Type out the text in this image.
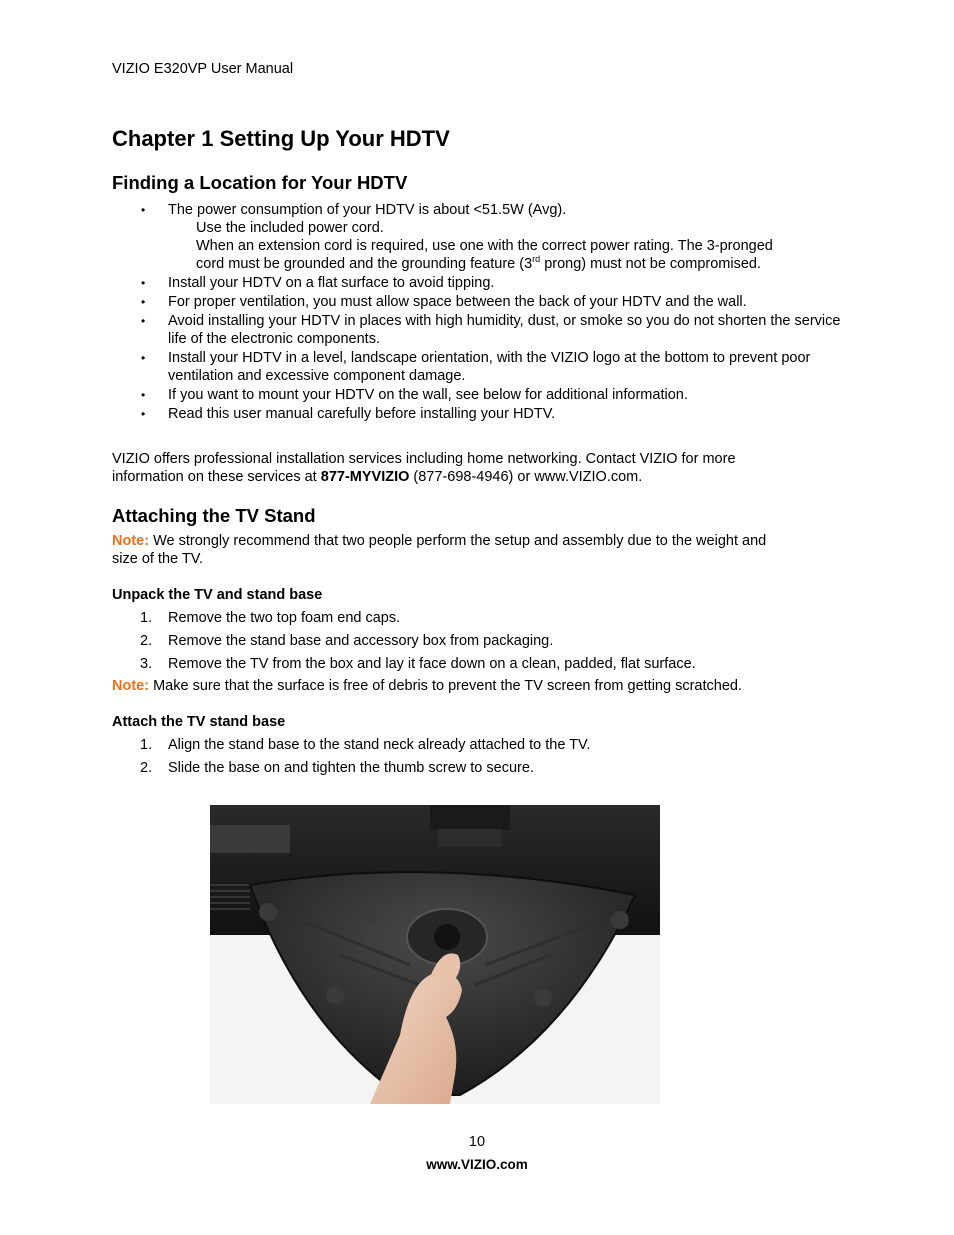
VIZIO E320VP User Manual
Chapter 1 Setting Up Your HDTV
Finding a Location for Your HDTV
• The power consumption of your HDTV is about <51.5W (Avg).
Use the included power cord.
When an extension cord is required, use one with the correct power rating. The 3-pronged
cord must be grounded and the grounding feature (3rd prong) must not be compromised.
• Install your HDTV on a flat surface to avoid tipping.
• For proper ventilation, you must allow space between the back of your HDTV and the wall.
• Avoid installing your HDTV in places with high humidity, dust, or smoke so you do not shorten the service life of the electronic components.
• Install your HDTV in a level, landscape orientation, with the VIZIO logo at the bottom to prevent poor ventilation and excessive component damage.
• If you want to mount your HDTV on the wall, see below for additional information.
• Read this user manual carefully before installing your HDTV.
VIZIO offers professional installation services including home networking. Contact VIZIO for more
information on these services at 877-MYVIZIO (877-698-4946) or www.VIZIO.com.
Attaching the TV Stand
Note: We strongly recommend that two people perform the setup and assembly due to the weight and
size of the TV.
Unpack the TV and stand base
1. Remove the two top foam end caps.
2. Remove the stand base and accessory box from packaging.
3. Remove the TV from the box and lay it face down on a clean, padded, flat surface.
Note: Make sure that the surface is free of debris to prevent the TV screen from getting scratched.
Attach the TV stand base
1. Align the stand base to the stand neck already attached to the TV.
2. Slide the base on and tighten the thumb screw to secure.
10
www.VIZIO.com
